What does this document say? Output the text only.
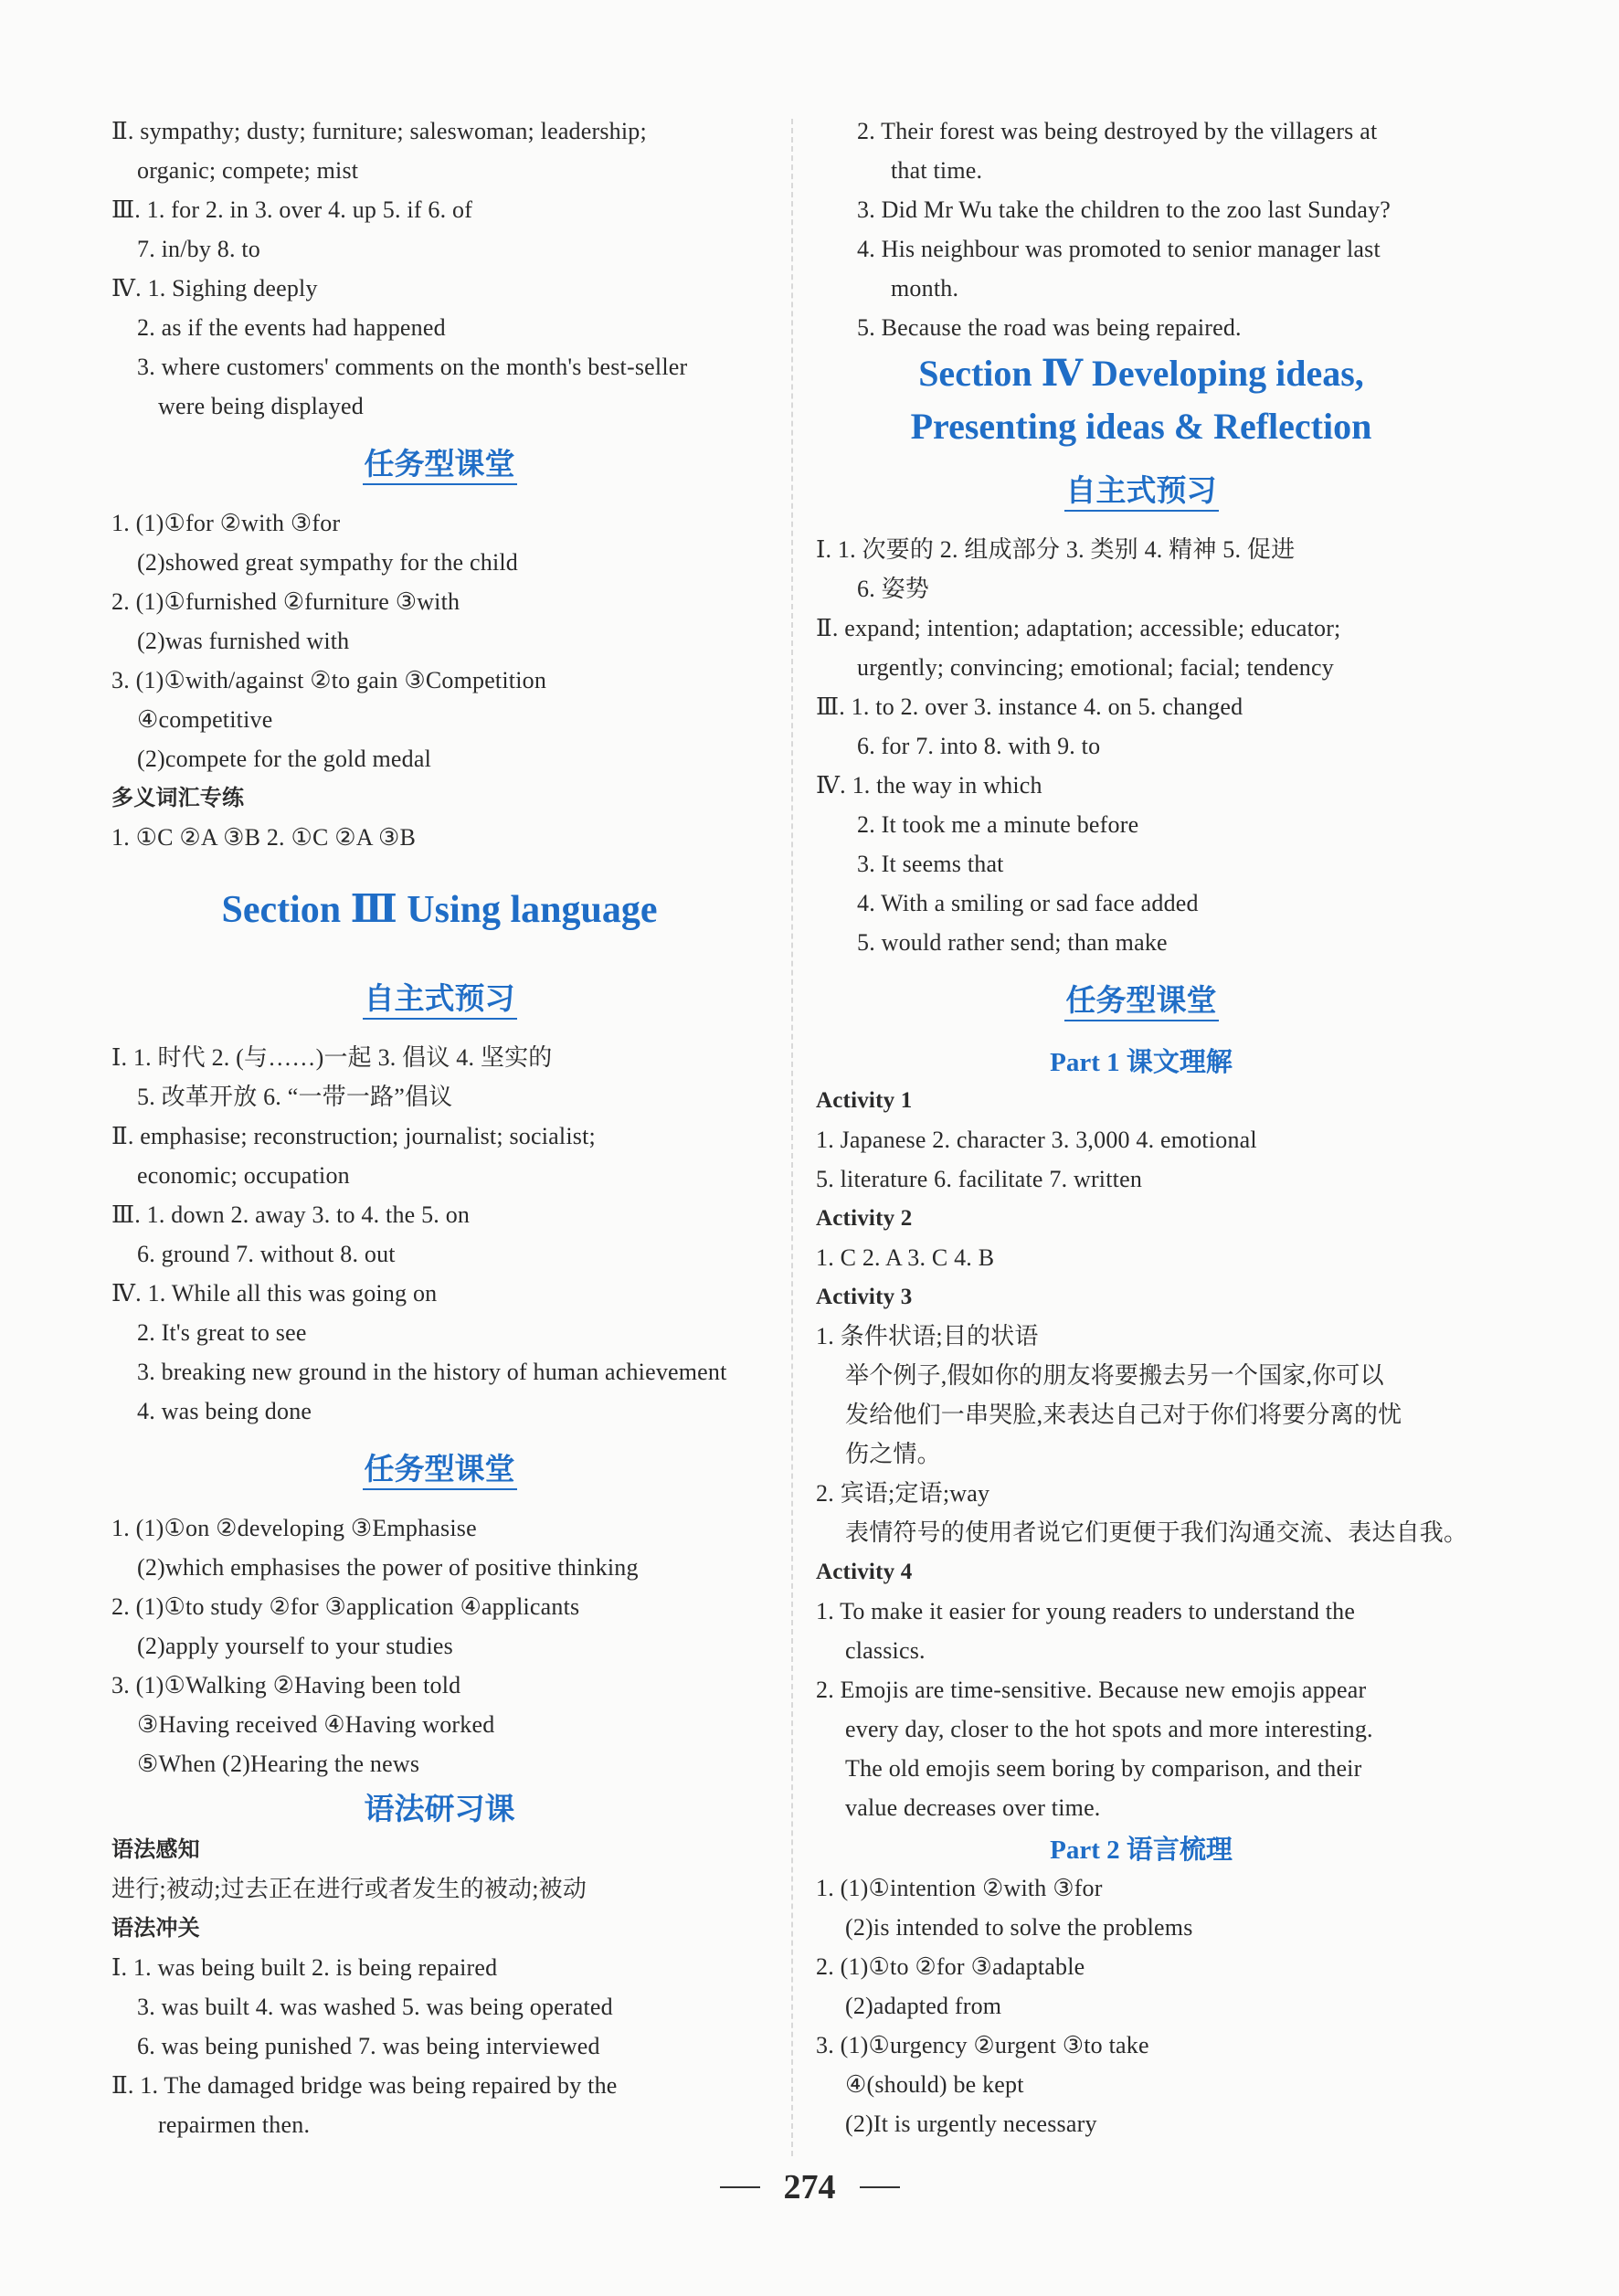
Ⅱ. sympathy; dusty; furniture; saleswoman; leadership;
organic; compete; mist
Ⅲ. 1. for 2. in 3. over 4. up 5. if 6. of
7. in/by 8. to
Ⅳ. 1. Sighing deeply
2. as if the events had happened
3. where customers' comments on the month's best-seller
were being displayed
任务型课堂
1. (1)①for ②with ③for
(2)showed great sympathy for the child
2. (1)①furnished ②furniture ③with
(2)was furnished with
3. (1)①with/against ②to gain ③Competition
④competitive
(2)compete for the gold medal
多义词汇专练
1. ①C ②A ③B 2. ①C ②A ③B
Section Ⅲ Using language
自主式预习
Ⅰ. 1. 时代 2. (与……)一起 3. 倡议 4. 坚实的
5. 改革开放 6. “一带一路”倡议
Ⅱ. emphasise; reconstruction; journalist; socialist;
economic; occupation
Ⅲ. 1. down 2. away 3. to 4. the 5. on
6. ground 7. without 8. out
Ⅳ. 1. While all this was going on
2. It's great to see
3. breaking new ground in the history of human achievement
4. was being done
任务型课堂
1. (1)①on ②developing ③Emphasise
(2)which emphasises the power of positive thinking
2. (1)①to study ②for ③application ④applicants
(2)apply yourself to your studies
3. (1)①Walking ②Having been told
③Having received ④Having worked
⑤When (2)Hearing the news
语法研习课
语法感知
进行;被动;过去正在进行或者发生的被动;被动
语法冲关
Ⅰ. 1. was being built 2. is being repaired
3. was built 4. was washed 5. was being operated
6. was being punished 7. was being interviewed
Ⅱ. 1. The damaged bridge was being repaired by the
repairmen then.
2. Their forest was being destroyed by the villagers at
that time.
3. Did Mr Wu take the children to the zoo last Sunday?
4. His neighbour was promoted to senior manager last
month.
5. Because the road was being repaired.
Section Ⅳ Developing ideas,
Presenting ideas & Reflection
自主式预习
Ⅰ. 1. 次要的 2. 组成部分 3. 类别 4. 精神 5. 促进
6. 姿势
Ⅱ. expand; intention; adaptation; accessible; educator;
urgently; convincing; emotional; facial; tendency
Ⅲ. 1. to 2. over 3. instance 4. on 5. changed
6. for 7. into 8. with 9. to
Ⅳ. 1. the way in which
2. It took me a minute before
3. It seems that
4. With a smiling or sad face added
5. would rather send; than make
任务型课堂
Part 1 课文理解
Activity 1
1. Japanese 2. character 3. 3,000 4. emotional
5. literature 6. facilitate 7. written
Activity 2
1. C 2. A 3. C 4. B
Activity 3
1. 条件状语;目的状语
举个例子,假如你的朋友将要搬去另一个国家,你可以
发给他们一串哭脸,来表达自己对于你们将要分离的忧
伤之情。
2. 宾语;定语;way
表情符号的使用者说它们更便于我们沟通交流、表达自我。
Activity 4
1. To make it easier for young readers to understand the
classics.
2. Emojis are time-sensitive. Because new emojis appear
every day, closer to the hot spots and more interesting.
The old emojis seem boring by comparison, and their
value decreases over time.
Part 2 语言梳理
1. (1)①intention ②with ③for
(2)is intended to solve the problems
2. (1)①to ②for ③adaptable
(2)adapted from
3. (1)①urgency ②urgent ③to take
④(should) be kept
(2)It is urgently necessary
274
